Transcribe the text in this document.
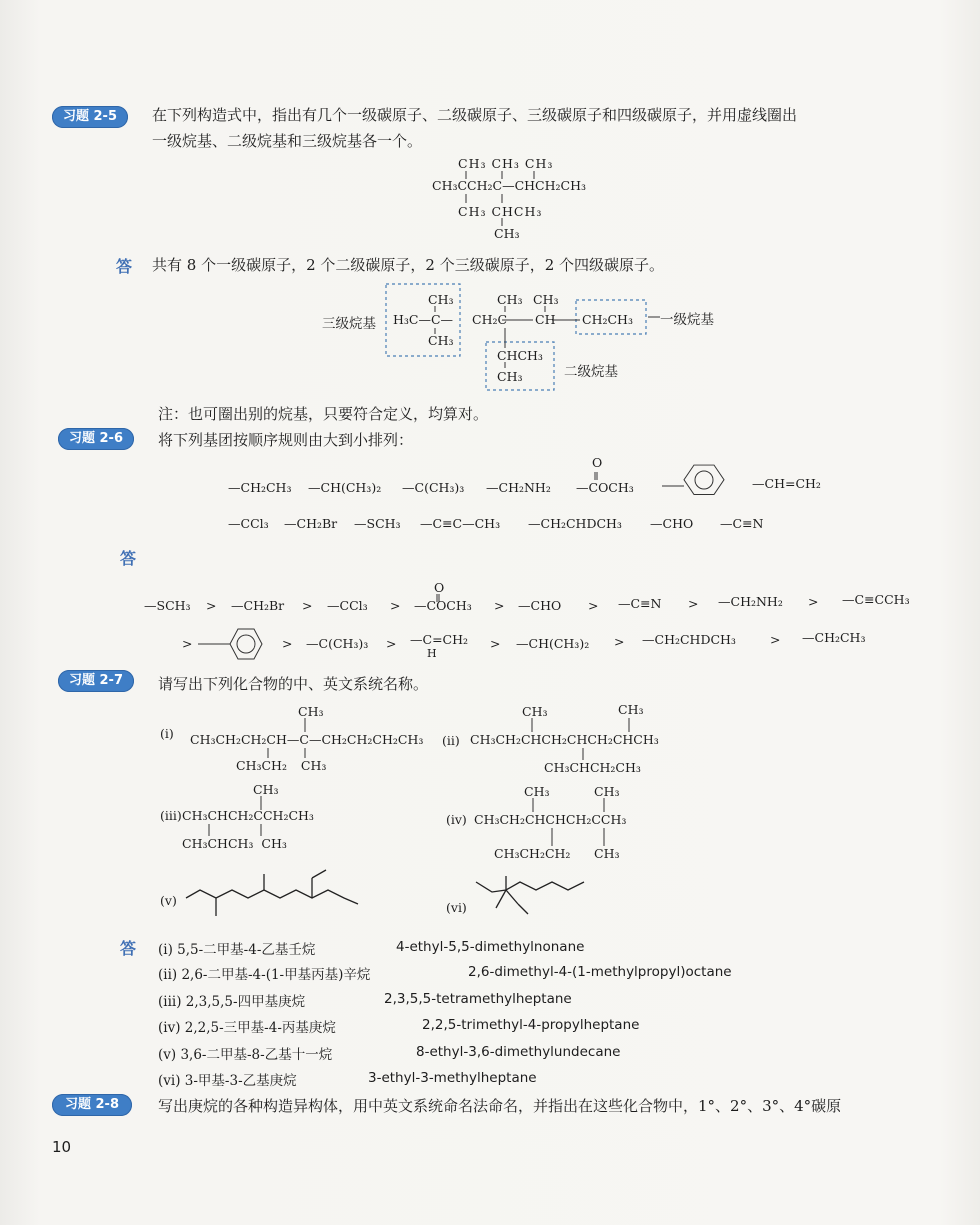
习题 2-5	在下列构造式中，指出有几个一级碳原子、二级碳原子、三级碳原子和四级碳原子，并用虚线圈出
一级烷基、二级烷基和三级烷基各一个。
CH₃ CH₃ CH₃
CH₃CCH₂C—CHCH₂CH₃
CH₃ CHCH₃
CH₃
答 共有 8 个一级碳原子，2 个二级碳原子，2 个三级碳原子，2 个四级碳原子。
三级烷基
CH₃
H₃C—C—
CH₃
CH₃ CH₃
CH₂C CH CH₂CH₃ 一级烷基
CHCH₃
CH₃	二级烷基
注：也可圈出别的烷基，只要符合定义，均算对。
习题 2-6	将下列基团按顺序规则由大到小排列：
—CH₂CH₃ —CH(CH₃)₂ —C(CH₃)₃ —CH₂NH₂
O
—COCH₃	—CH=CH₂
—CCl₃ —CH₂Br —SCH₃ —C≡C—CH₃ —CH₂CHDCH₃ —CHO —C≡N
答
O
—SCH₃ > —CH₂Br > —CCl₃ > —COCH₃ > —CHO > —C≡N > —CH₂NH₂ > —C≡CCH₃
>	> —C(CH₃)₃ > —C=CH₂
H
> —CH(CH₃)₂ > —CH₂CHDCH₃	> —CH₂CH₃
习题 2-7	请写出下列化合物的中、英文系统名称。
(i)
CH₃
CH₃CH₂CH₂CH—C—CH₂CH₂CH₂CH₃
CH₃CH₂ CH₃
(ii)
CH₃	CH₃
CH₃CH₂CHCH₂CHCH₂CHCH₃
CH₃CHCH₂CH₃
(iii)
CH₃
CH₃CHCH₂CCH₂CH₃
CH₃CHCH₃ CH₃
(iv)
CH₃	CH₃
CH₃CH₂CHCHCH₂CCH₃
CH₃CH₂CH₂ CH₃
(v)	(vi)
答 (i) 5,5-二甲基-4-乙基壬烷	4-ethyl-5,5-dimethylnonane
(ii) 2,6-二甲基-4-(1-甲基丙基)辛烷	2,6-dimethyl-4-(1-methylpropyl)octane
(iii) 2,3,5,5-四甲基庚烷	2,3,5,5-tetramethylheptane
(iv) 2,2,5-三甲基-4-丙基庚烷	2,2,5-trimethyl-4-propylheptane
(v) 3,6-二甲基-8-乙基十一烷	8-ethyl-3,6-dimethylundecane
(vi) 3-甲基-3-乙基庚烷	3-ethyl-3-methylheptane
习题 2-8	写出庚烷的各种构造异构体，用中英文系统命名法命名，并指出在这些化合物中，1°、2°、3°、4°碳原
10
